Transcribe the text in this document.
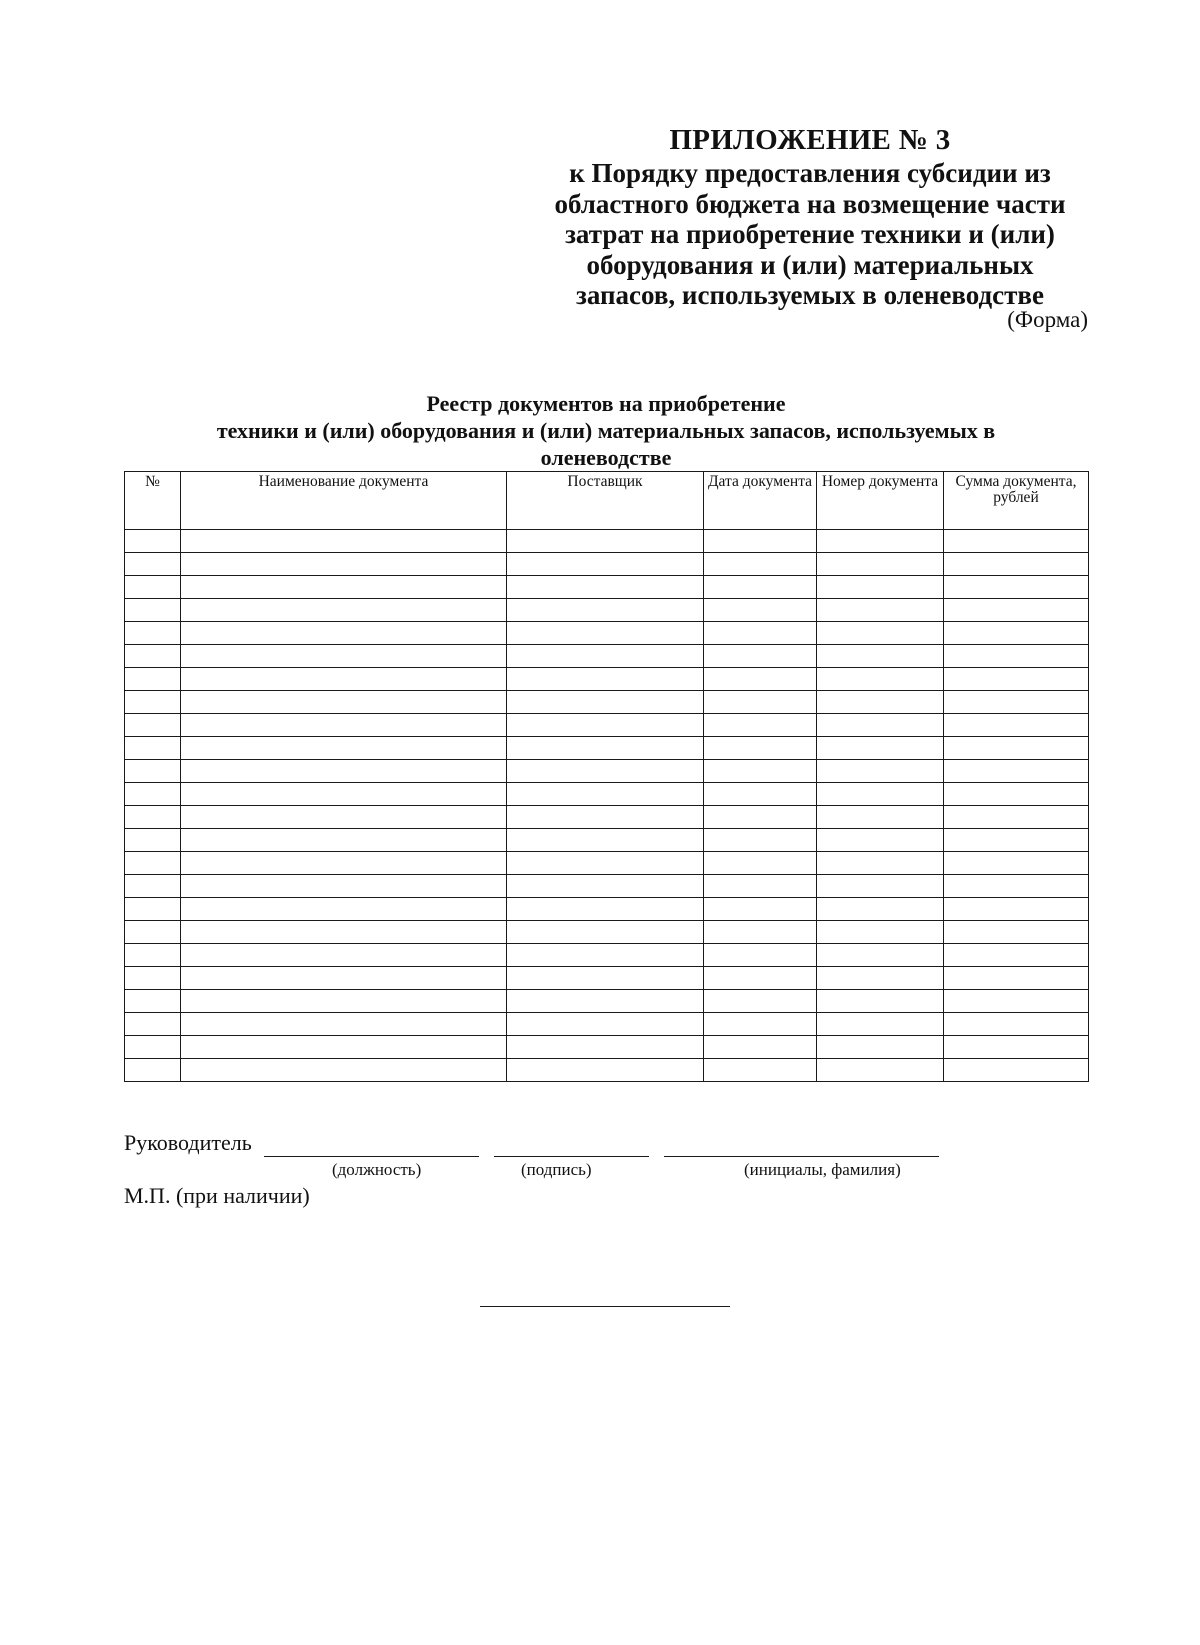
ПРИЛОЖЕНИЕ № 3
к Порядку предоставления субсидии из
областного бюджета на возмещение части
затрат на приобретение техники и (или)
оборудования и (или) материальных
запасов, используемых в оленеводстве
(Форма)
Реестр документов на приобретение
техники и (или) оборудования и (или) материальных запасов, используемых в
оленеводстве
№	Наименование документа	Поставщик	Дата документа	Номер документа	Сумма документа, рублей

Руководитель
(должность)	(подпись)	(инициалы, фамилия)
М.П. (при наличии)
